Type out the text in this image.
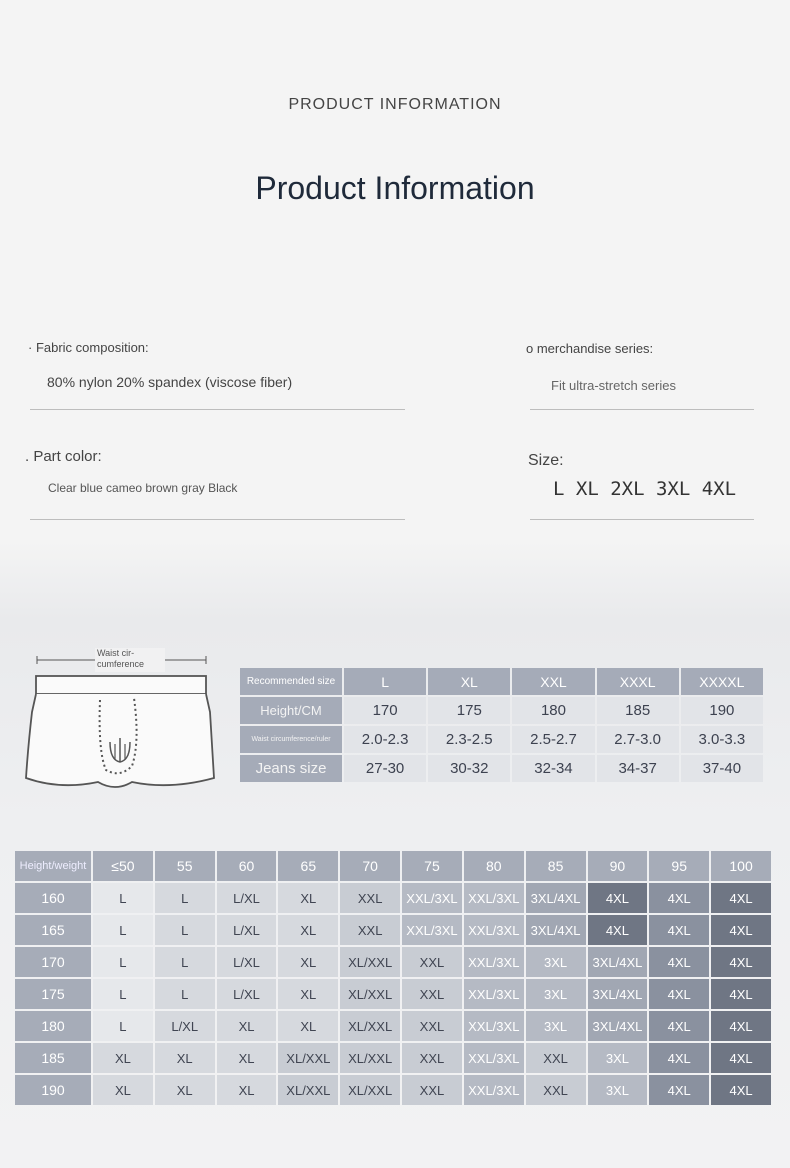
PRODUCT INFORMATION
Product Information
· Fabric composition:
80% nylon 20% spandex (viscose fiber)
o merchandise series:
Fit ultra-stretch series
. Part color:
Clear blue cameo brown gray Black
Size:
L XL 2XL 3XL 4XL
Waist cir-
cumference
Recommended size	L	XL	XXL	XXXL	XXXXL
Height/CM	170	175	180	185	190
Waist circumference/ruler	2.0-2.3	2.3-2.5	2.5-2.7	2.7-3.0	3.0-3.3
Jeans size	27-30	30-32	32-34	34-37	37-40
Height/weight	≤50	55	60	65	70	75	80	85	90	95	100
160	L	L	L/XL	XL	XXL	XXL/3XL	XXL/3XL	3XL/4XL	4XL	4XL	4XL
165	L	L	L/XL	XL	XXL	XXL/3XL	XXL/3XL	3XL/4XL	4XL	4XL	4XL
170	L	L	L/XL	XL	XL/XXL	XXL	XXL/3XL	3XL	3XL/4XL	4XL	4XL
175	L	L	L/XL	XL	XL/XXL	XXL	XXL/3XL	3XL	3XL/4XL	4XL	4XL
180	L	L/XL	XL	XL	XL/XXL	XXL	XXL/3XL	3XL	3XL/4XL	4XL	4XL
185	XL	XL	XL	XL/XXL	XL/XXL	XXL	XXL/3XL	XXL	3XL	4XL	4XL
190	XL	XL	XL	XL/XXL	XL/XXL	XXL	XXL/3XL	XXL	3XL	4XL	4XL
